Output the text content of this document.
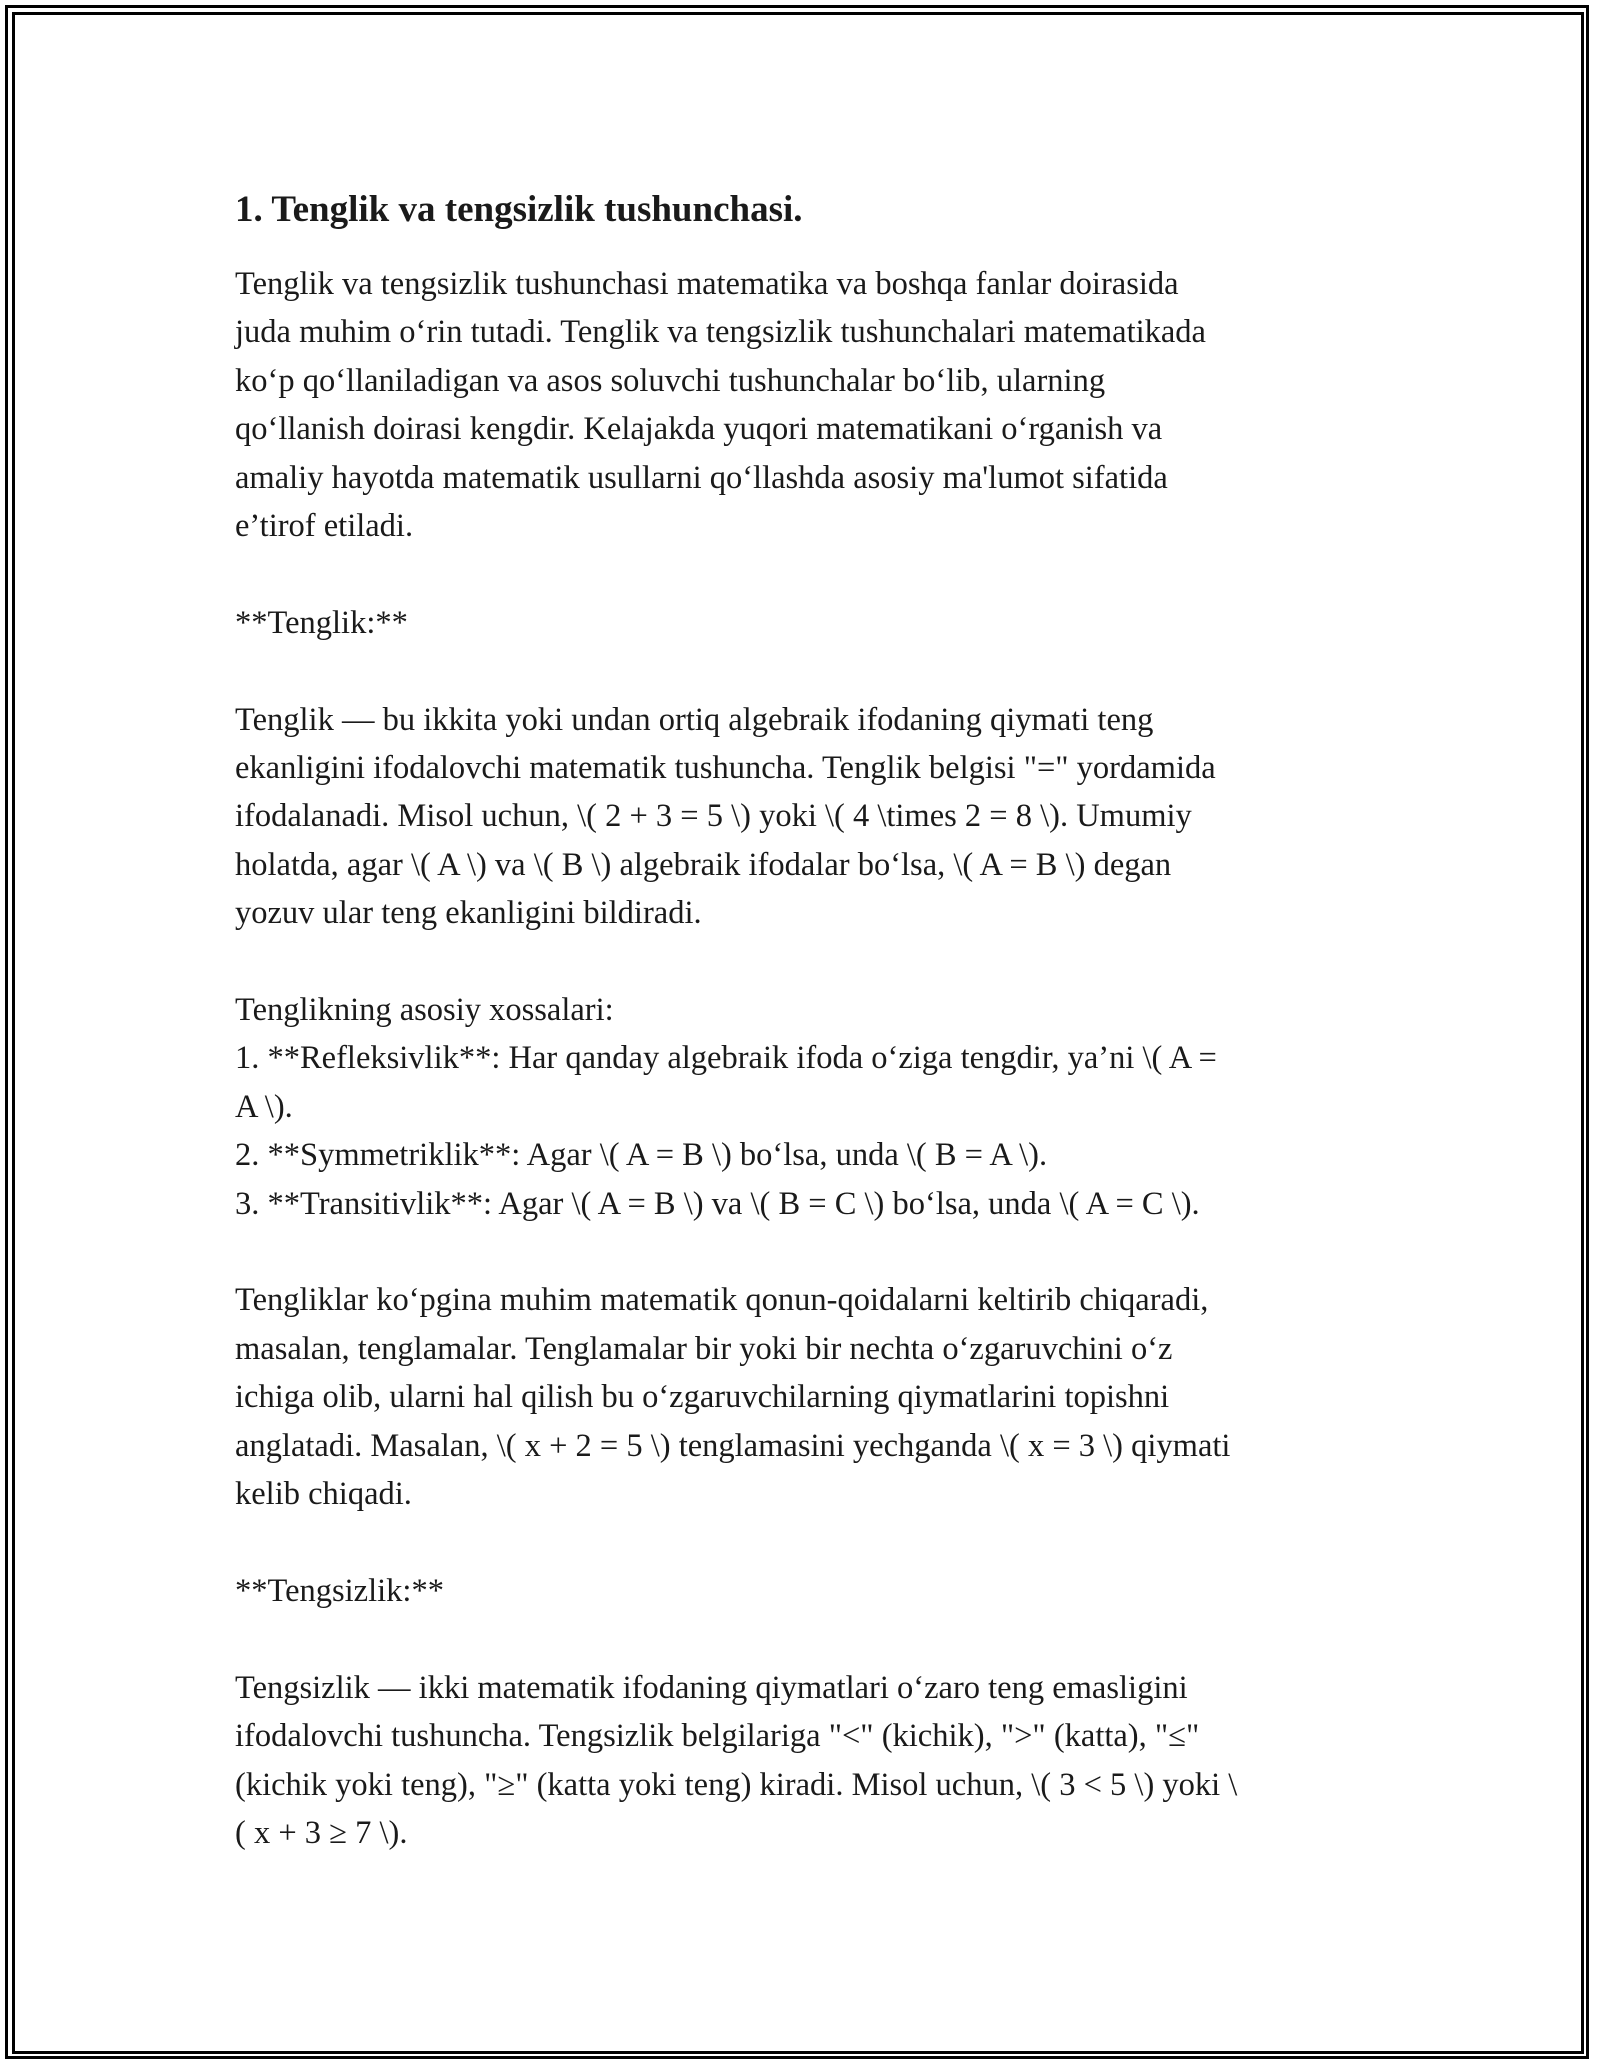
1. Tenglik va tengsizlik tushunchasi.
Tenglik va tengsizlik tushunchasi matematika va boshqa fanlar doirasida
juda muhim o‘rin tutadi. Tenglik va tengsizlik tushunchalari matematikada
ko‘p qo‘llaniladigan va asos soluvchi tushunchalar bo‘lib, ularning
qo‘llanish doirasi kengdir. Kelajakda yuqori matematikani o‘rganish va
amaliy hayotda matematik usullarni qo‘llashda asosiy ma'lumot sifatida
e’tirof etiladi.
**Tenglik:**
Tenglik — bu ikkita yoki undan ortiq algebraik ifodaning qiymati teng
ekanligini ifodalovchi matematik tushuncha. Tenglik belgisi "=" yordamida
ifodalanadi. Misol uchun, \( 2 + 3 = 5 \) yoki \( 4 \times 2 = 8 \). Umumiy
holatda, agar \( A \) va \( B \) algebraik ifodalar bo‘lsa, \( A = B \) degan
yozuv ular teng ekanligini bildiradi.
Tenglikning asosiy xossalari:
1. **Refleksivlik**: Har qanday algebraik ifoda o‘ziga tengdir, ya’ni \( A =
A \).
2. **Symmetriklik**: Agar \( A = B \) bo‘lsa, unda \( B = A \).
3. **Transitivlik**: Agar \( A = B \) va \( B = C \) bo‘lsa, unda \( A = C \).
Tengliklar ko‘pgina muhim matematik qonun-qoidalarni keltirib chiqaradi,
masalan, tenglamalar. Tenglamalar bir yoki bir nechta o‘zgaruvchini o‘z
ichiga olib, ularni hal qilish bu o‘zgaruvchilarning qiymatlarini topishni
anglatadi. Masalan, \( x + 2 = 5 \) tenglamasini yechganda \( x = 3 \) qiymati
kelib chiqadi.
**Tengsizlik:**
Tengsizlik — ikki matematik ifodaning qiymatlari o‘zaro teng emasligini
ifodalovchi tushuncha. Tengsizlik belgilariga "<" (kichik), ">" (katta), "≤"
(kichik yoki teng), "≥" (katta yoki teng) kiradi. Misol uchun, \( 3 < 5 \) yoki \
( x + 3 ≥ 7 \).
